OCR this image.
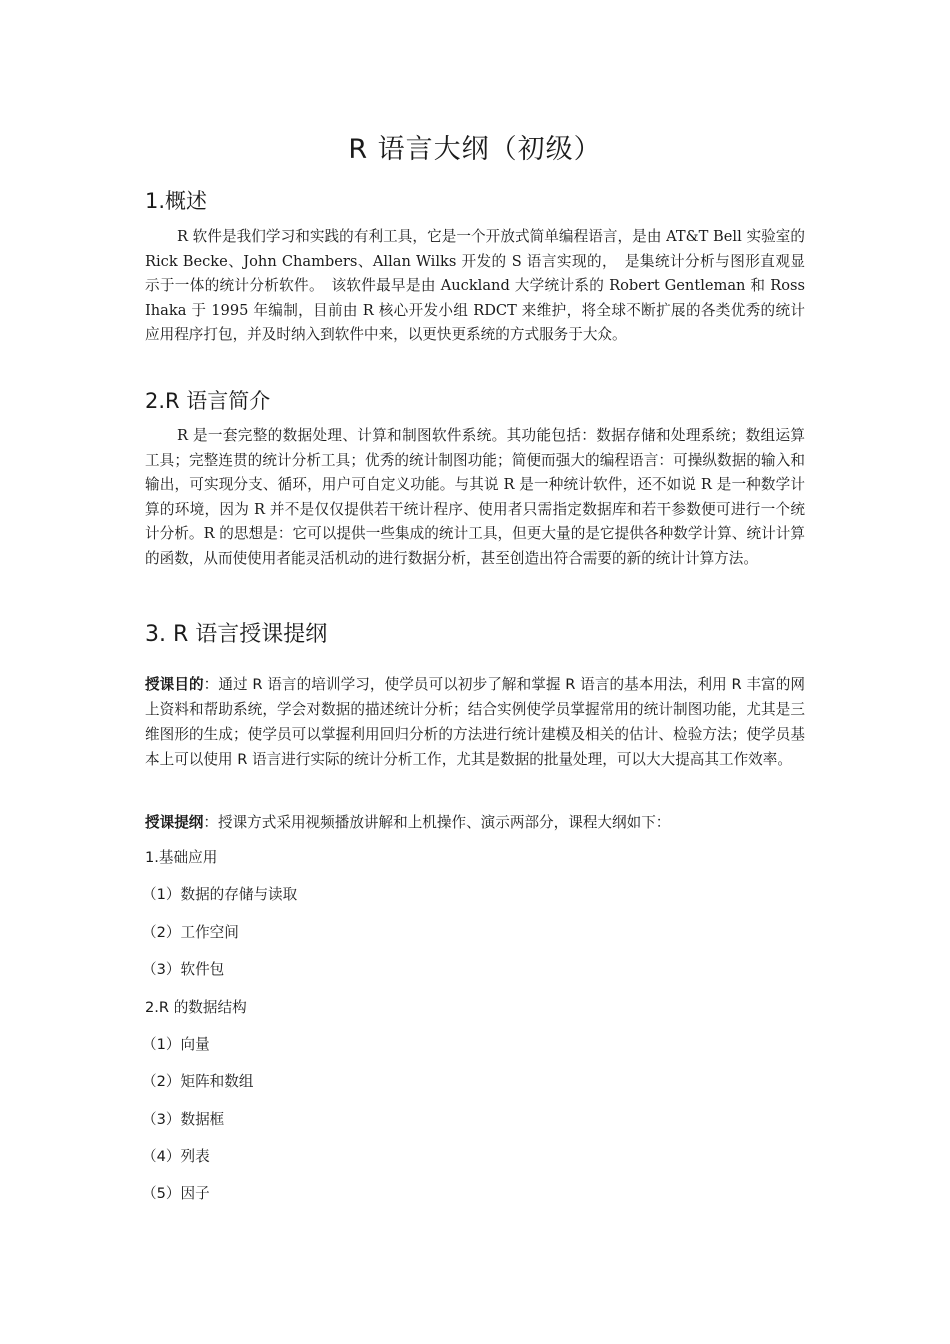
R 语言大纲（初级）
1.概述
R 软件是我们学习和实践的有利工具，它是一个开放式简单编程语言，是由 AT&T Bell 实验室的 Rick Becke、John Chambers、Allan Wilks 开发的 S 语言实现的，　是集统计分析与图形直观显示于一体的统计分析软件。　该软件最早是由 Auckland 大学统计系的 Robert Gentleman 和 Ross Ihaka 于 1995 年编制，目前由 R 核心开发小组 RDCT 来维护，将全球不断扩展的各类优秀的统计应用程序打包，并及时纳入到软件中来，以更快更系统的方式服务于大众。
2.R 语言简介
R 是一套完整的数据处理、计算和制图软件系统。其功能包括：数据存储和处理系统；数组运算工具；完整连贯的统计分析工具；优秀的统计制图功能；简便而强大的编程语言：可操纵数据的输入和输出，可实现分支、循环，用户可自定义功能。与其说 R 是一种统计软件，还不如说 R 是一种数学计算的环境，因为 R 并不是仅仅提供若干统计程序、使用者只需指定数据库和若干参数便可进行一个统计分析。R 的思想是：它可以提供一些集成的统计工具，但更大量的是它提供各种数学计算、统计计算的函数，从而使使用者能灵活机动的进行数据分析，甚至创造出符合需要的新的统计计算方法。
3. R 语言授课提纲
授课目的：通过 R 语言的培训学习，使学员可以初步了解和掌握 R 语言的基本用法，利用 R 丰富的网上资料和帮助系统，学会对数据的描述统计分析；结合实例使学员掌握常用的统计制图功能，尤其是三维图形的生成；使学员可以掌握利用回归分析的方法进行统计建模及相关的估计、检验方法；使学员基本上可以使用 R 语言进行实际的统计分析工作，尤其是数据的批量处理，可以大大提高其工作效率。
授课提纲：授课方式采用视频播放讲解和上机操作、演示两部分，课程大纲如下：
1.基础应用
（1）数据的存储与读取
（2）工作空间
（3）软件包
2.R 的数据结构
（1）向量
（2）矩阵和数组
（3）数据框
（4）列表
（5）因子
